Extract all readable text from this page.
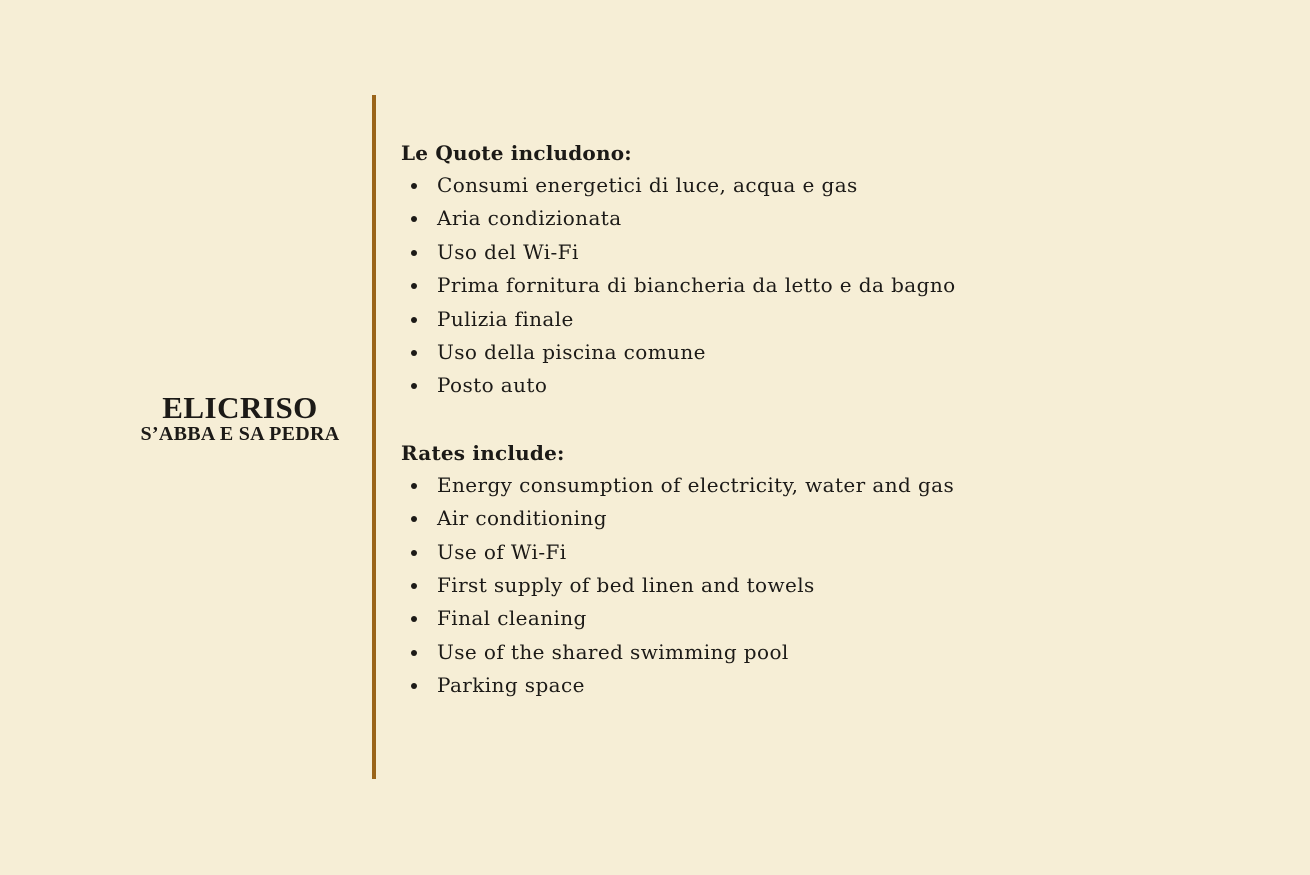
ELICRISO
S’ABBA E SA PEDRA
Le Quote includono:
Consumi energetici di luce, acqua e gas
Aria condizionata
Uso del Wi-Fi
Prima fornitura di biancheria da letto e da bagno
Pulizia finale
Uso della piscina comune
Posto auto
Rates include:
Energy consumption of electricity, water and gas
Air conditioning
Use of Wi-Fi
First supply of bed linen and towels
Final cleaning
Use of the shared swimming pool
Parking space
